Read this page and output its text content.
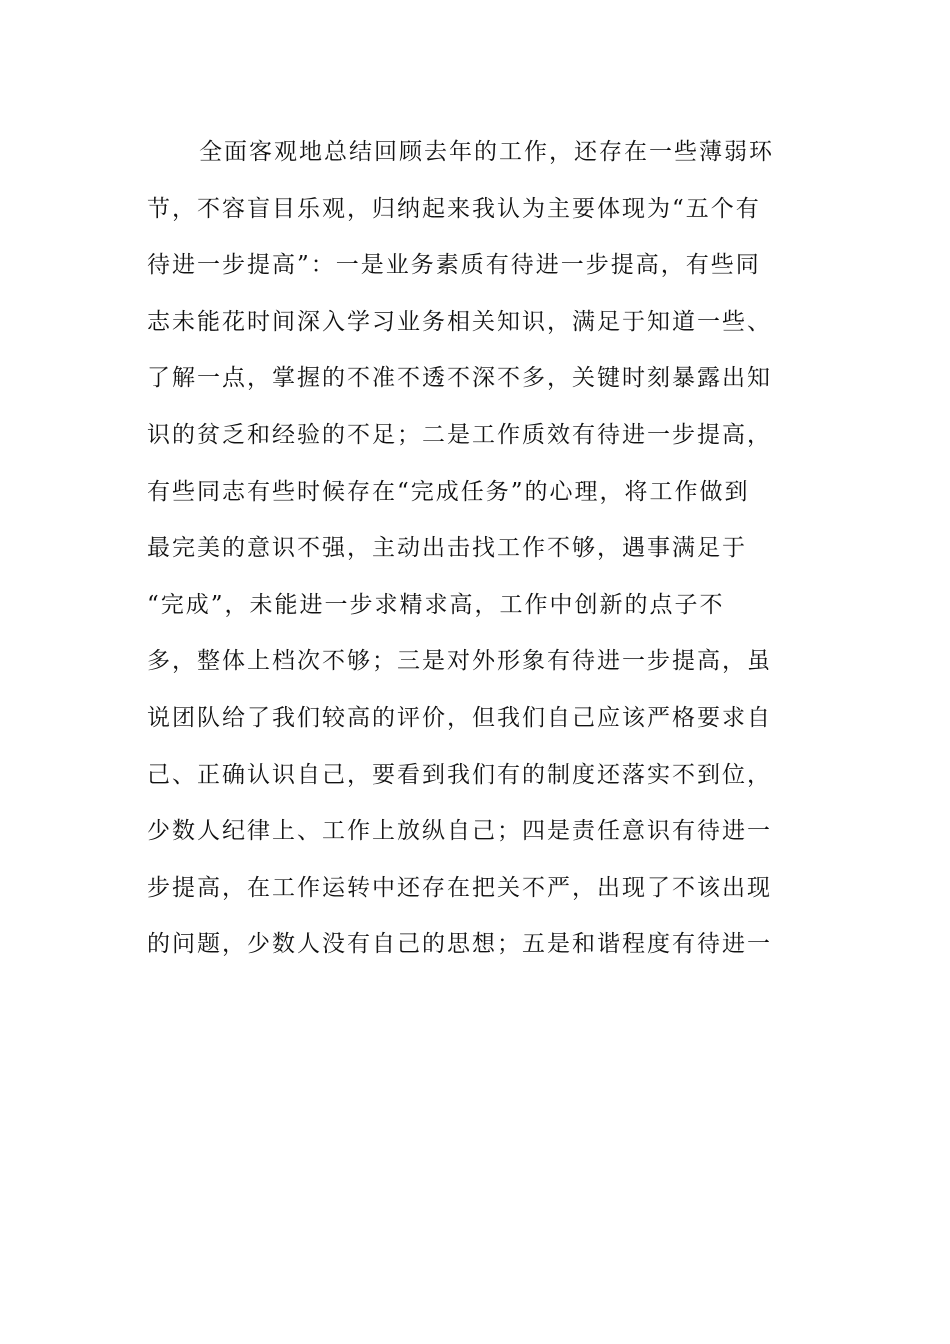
全面客观地总结回顾去年的工作，还存在一些薄弱环
节，不容盲目乐观，归纳起来我认为主要体现为“五个有
待进一步提高”：一是业务素质有待进一步提高，有些同
志未能花时间深入学习业务相关知识，满足于知道一些、
了解一点，掌握的不准不透不深不多，关键时刻暴露出知
识的贫乏和经验的不足；二是工作质效有待进一步提高，
有些同志有些时候存在“完成任务”的心理，将工作做到
最完美的意识不强，主动出击找工作不够，遇事满足于
“完成”，未能进一步求精求高，工作中创新的点子不
多，整体上档次不够；三是对外形象有待进一步提高，虽
说团队给了我们较高的评价，但我们自己应该严格要求自
己、正确认识自己，要看到我们有的制度还落实不到位，
少数人纪律上、工作上放纵自己；四是责任意识有待进一
步提高，在工作运转中还存在把关不严，出现了不该出现
的问题，少数人没有自己的思想；五是和谐程度有待进一
